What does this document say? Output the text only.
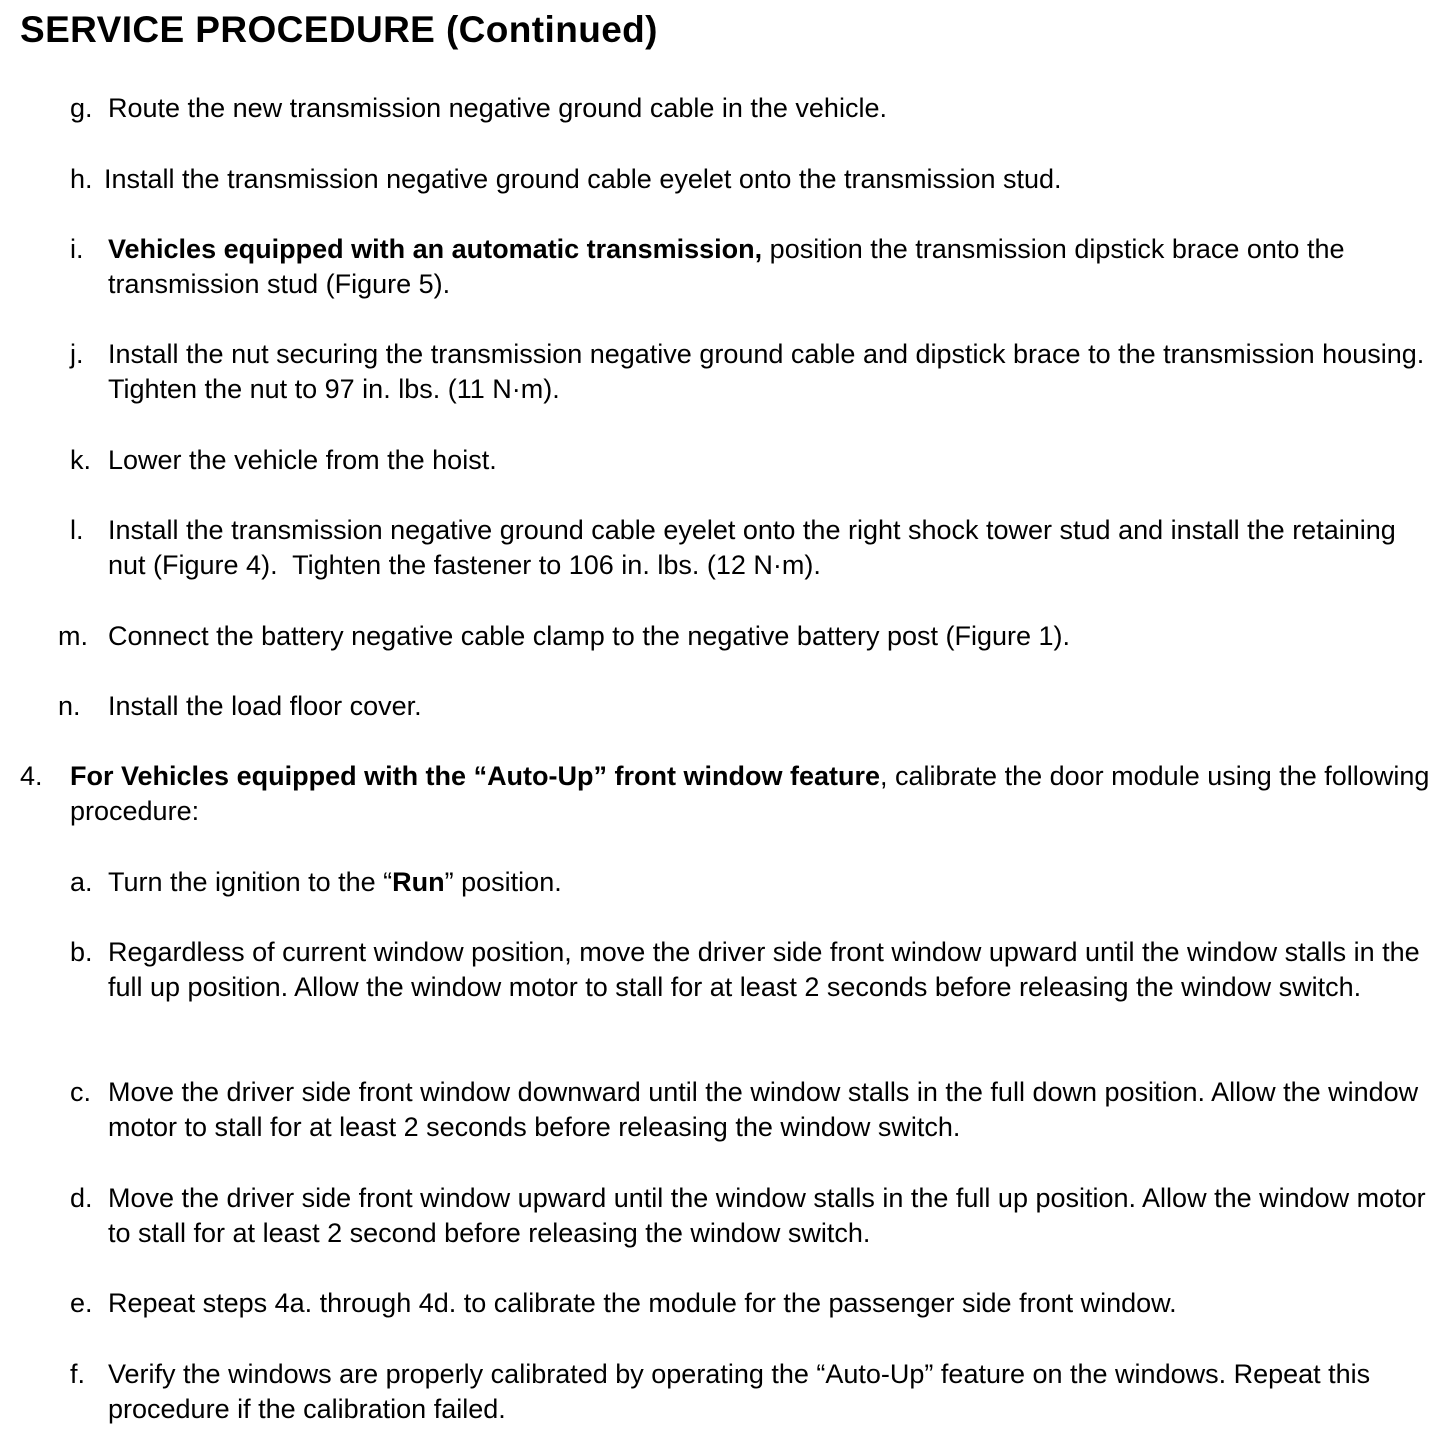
SERVICE PROCEDURE (Continued)
g. Route the new transmission negative ground cable in the vehicle.
h. Install the transmission negative ground cable eyelet onto the transmission stud.
i. Vehicles equipped with an automatic transmission, position the transmission dipstick brace onto the transmission stud (Figure 5).
j. Install the nut securing the transmission negative ground cable and dipstick brace to the transmission housing. Tighten the nut to 97 in. lbs. (11 N·m).
k. Lower the vehicle from the hoist.
l. Install the transmission negative ground cable eyelet onto the right shock tower stud and install the retaining nut (Figure 4).  Tighten the fastener to 106 in. lbs. (12 N·m).
m. Connect the battery negative cable clamp to the negative battery post (Figure 1).
n. Install the load floor cover.
4. For Vehicles equipped with the “Auto-Up” front window feature, calibrate the door module using the following procedure:
a. Turn the ignition to the “Run” position.
b. Regardless of current window position, move the driver side front window upward until the window stalls in the full up position. Allow the window motor to stall for at least 2 seconds before releasing the window switch.
c. Move the driver side front window downward until the window stalls in the full down position. Allow the window motor to stall for at least 2 seconds before releasing the window switch.
d. Move the driver side front window upward until the window stalls in the full up position. Allow the window motor to stall for at least 2 second before releasing the window switch.
e. Repeat steps 4a. through 4d. to calibrate the module for the passenger side front window.
f. Verify the windows are properly calibrated by operating the “Auto-Up” feature on the windows. Repeat this procedure if the calibration failed.
